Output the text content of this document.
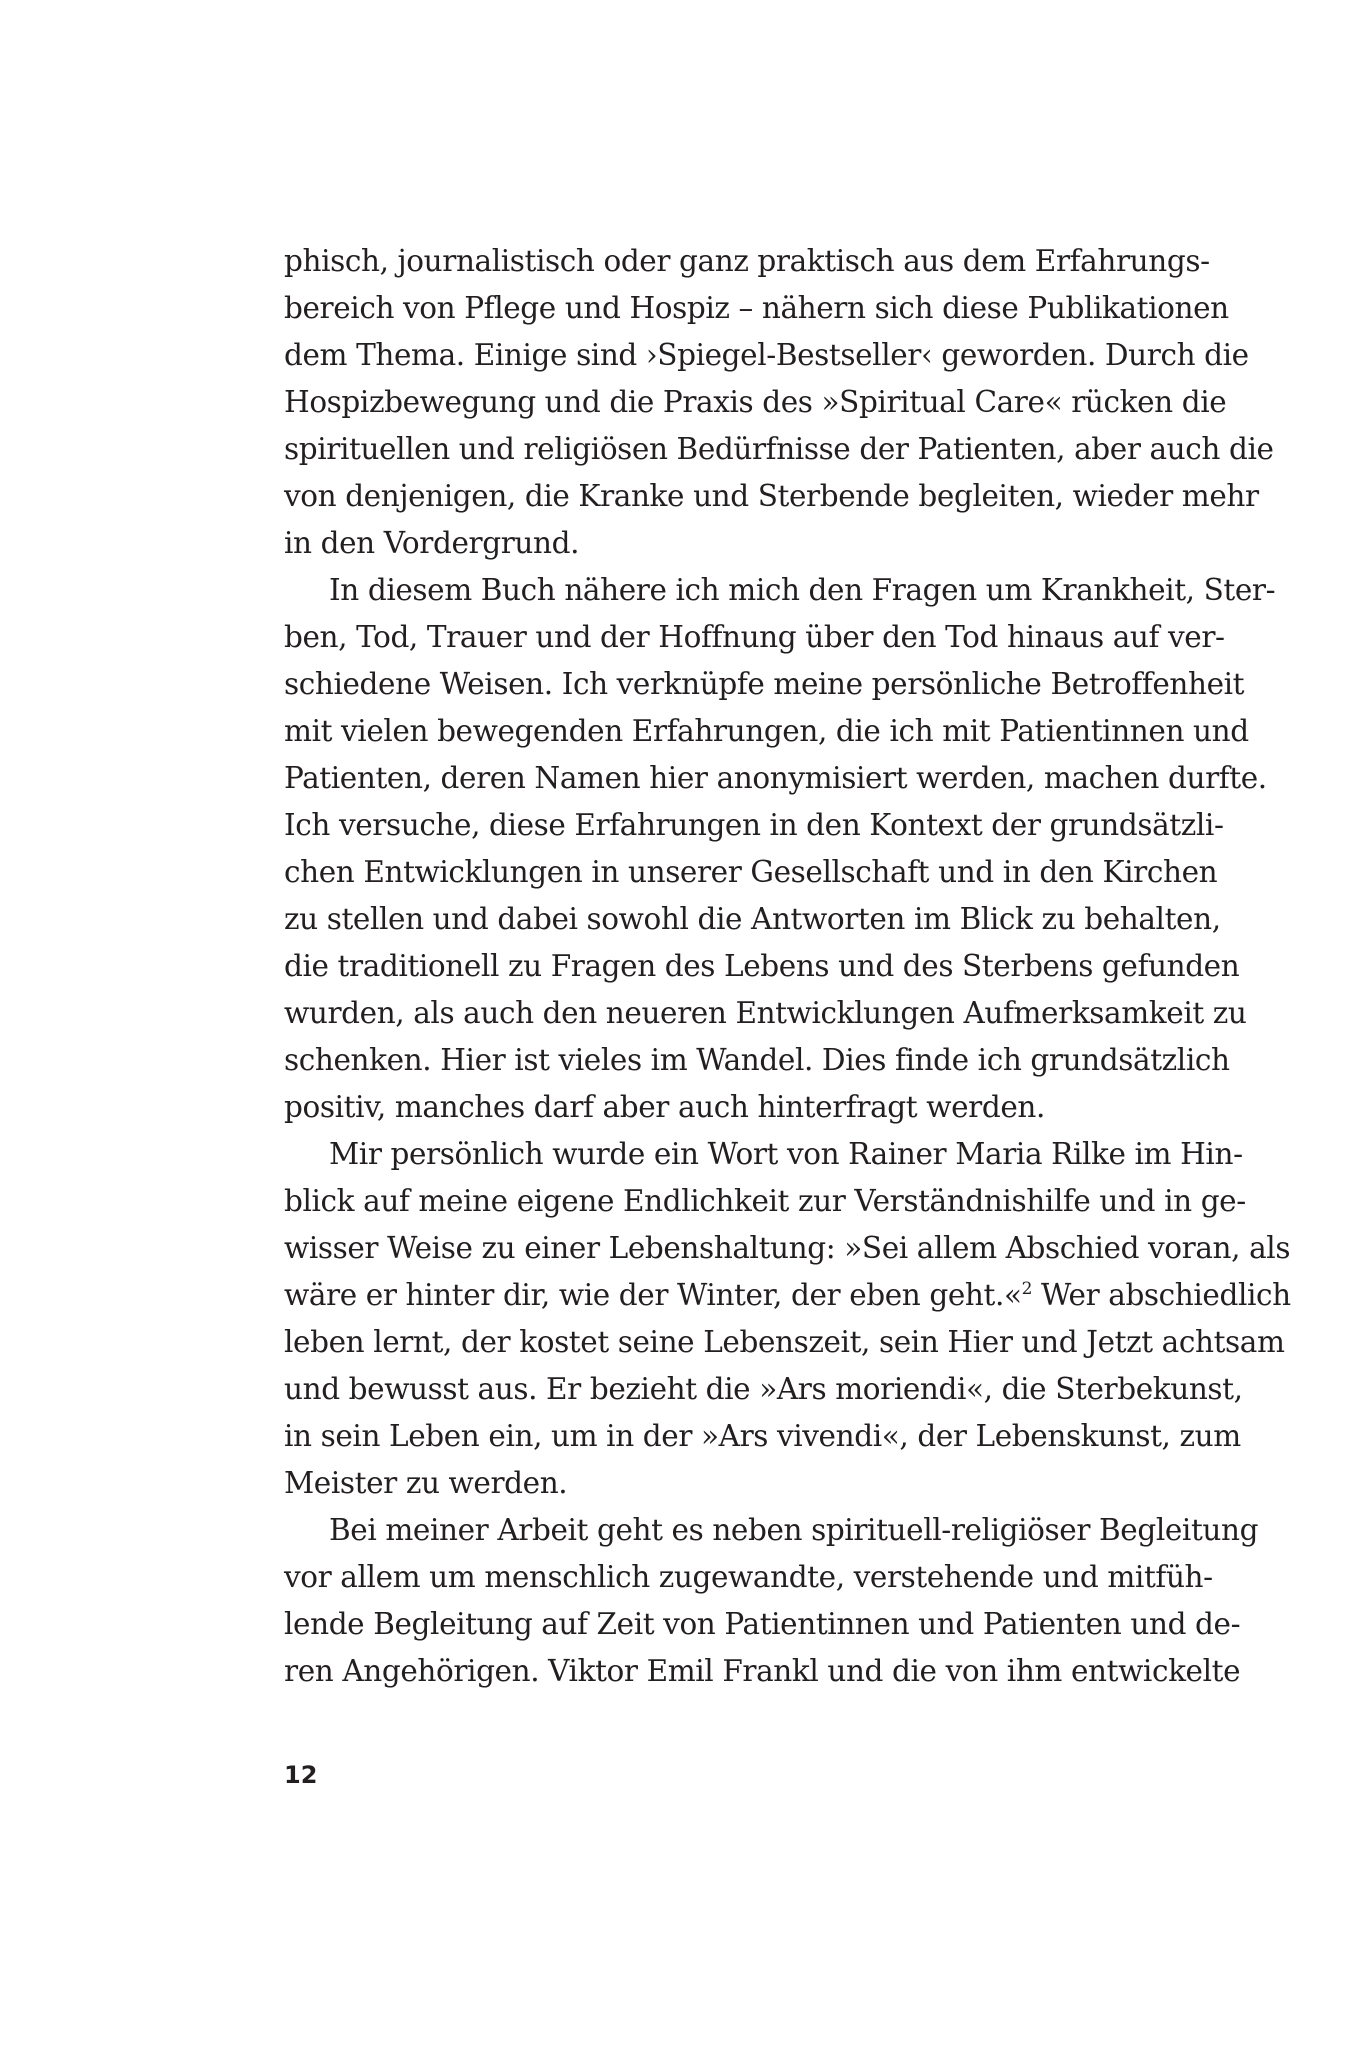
phisch, journalistisch oder ganz praktisch aus dem Erfahrungs-
bereich von Pflege und Hospiz – nähern sich diese Publikationen
dem Thema. Einige sind ›Spiegel-Bestseller‹ geworden. Durch die
Hospizbewegung und die Praxis des »Spiritual Care« rücken die
spirituellen und religiösen Bedürfnisse der Patienten, aber auch die
von denjenigen, die Kranke und Sterbende begleiten, wieder mehr
in den Vordergrund.
In diesem Buch nähere ich mich den Fragen um Krankheit, Ster-
ben, Tod, Trauer und der Hoffnung über den Tod hinaus auf ver-
schiedene Weisen. Ich verknüpfe meine persönliche Betroffenheit
mit vielen bewegenden Erfahrungen, die ich mit Patientinnen und
Patienten, deren Namen hier anonymisiert werden, machen durfte.
Ich versuche, diese Erfahrungen in den Kontext der grundsätzli-
chen Entwicklungen in unserer Gesellschaft und in den Kirchen
zu stellen und dabei sowohl die Antworten im Blick zu behalten,
die traditionell zu Fragen des Lebens und des Sterbens gefunden
wurden, als auch den neueren Entwicklungen Aufmerksamkeit zu
schenken. Hier ist vieles im Wandel. Dies finde ich grundsätzlich
positiv, manches darf aber auch hinterfragt werden.
Mir persönlich wurde ein Wort von Rainer Maria Rilke im Hin-
blick auf meine eigene Endlichkeit zur Verständnishilfe und in ge-
wisser Weise zu einer Lebenshaltung: »Sei allem Abschied voran, als
wäre er hinter dir, wie der Winter, der eben geht.«$^2$ Wer abschiedlich
leben lernt, der kostet seine Lebenszeit, sein Hier und Jetzt achtsam
und bewusst aus. Er bezieht die »Ars moriendi«, die Sterbekunst,
in sein Leben ein, um in der »Ars vivendi«, der Lebenskunst, zum
Meister zu werden.
Bei meiner Arbeit geht es neben spirituell-religiöser Begleitung
vor allem um menschlich zugewandte, verstehende und mitfüh-
lende Begleitung auf Zeit von Patientinnen und Patienten und de-
ren Angehörigen. Viktor Emil Frankl und die von ihm entwickelte
12
